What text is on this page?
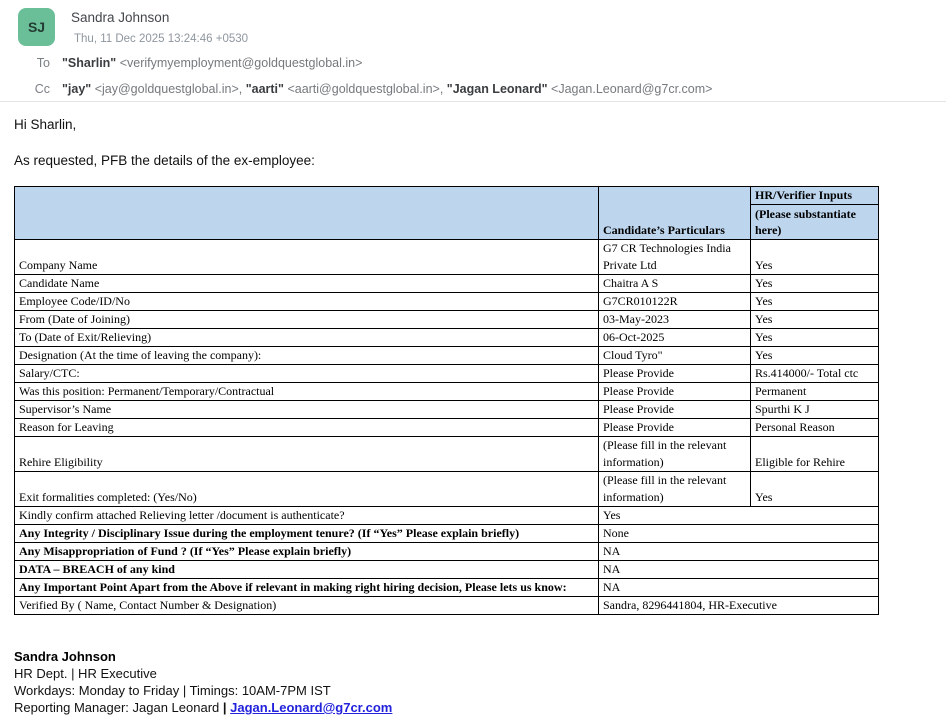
SJ
Sandra Johnson
Thu, 11 Dec 2025 13:24:46 +0530
To "Sharlin" <verifymyemployment@goldquestglobal.in>
Cc "jay" <jay@goldquestglobal.in>, "aarti" <aarti@goldquestglobal.in>, "Jagan Leonard" <Jagan.Leonard@g7cr.com>
Hi Sharlin,
As requested, PFB the details of the ex-employee:
	Candidate’s Particulars	HR/Verifier Inputs
(Please substantiate here)

Company Name	G7 CR Technologies India Private Ltd	Yes
Candidate Name	Chaitra A S	Yes
Employee Code/ID/No	G7CR010122R	Yes
From (Date of Joining)	03-May-2023	Yes
To (Date of Exit/Relieving)	06-Oct-2025	Yes
Designation (At the time of leaving the company):	Cloud Tyro"	Yes
Salary/CTC:	Please Provide	Rs.414000/- Total ctc
Was this position: Permanent/Temporary/Contractual	Please Provide	Permanent
Supervisor’s Name	Please Provide	Spurthi K J
Reason for Leaving	Please Provide	Personal Reason
Rehire Eligibility	(Please fill in the relevant information)	Eligible for Rehire
Exit formalities completed: (Yes/No)	(Please fill in the relevant information)	Yes
Kindly confirm attached Relieving letter /document is authenticate?	Yes	
Any Integrity / Disciplinary Issue during the employment tenure? (If “Yes” Please explain briefly)	None	
Any Misappropriation of Fund ? (If “Yes” Please explain briefly)	NA	
DATA – BREACH of any kind	NA	
Any Important Point Apart from the Above if relevant in making right hiring decision, Please lets us know:	NA	
Verified By ( Name, Contact Number & Designation)	Sandra, 8296441804, HR-Executive	
Sandra Johnson
HR Dept. | HR Executive
Workdays: Monday to Friday | Timings: 10AM-7PM IST
Reporting Manager: Jagan Leonard | Jagan.Leonard@g7cr.com
